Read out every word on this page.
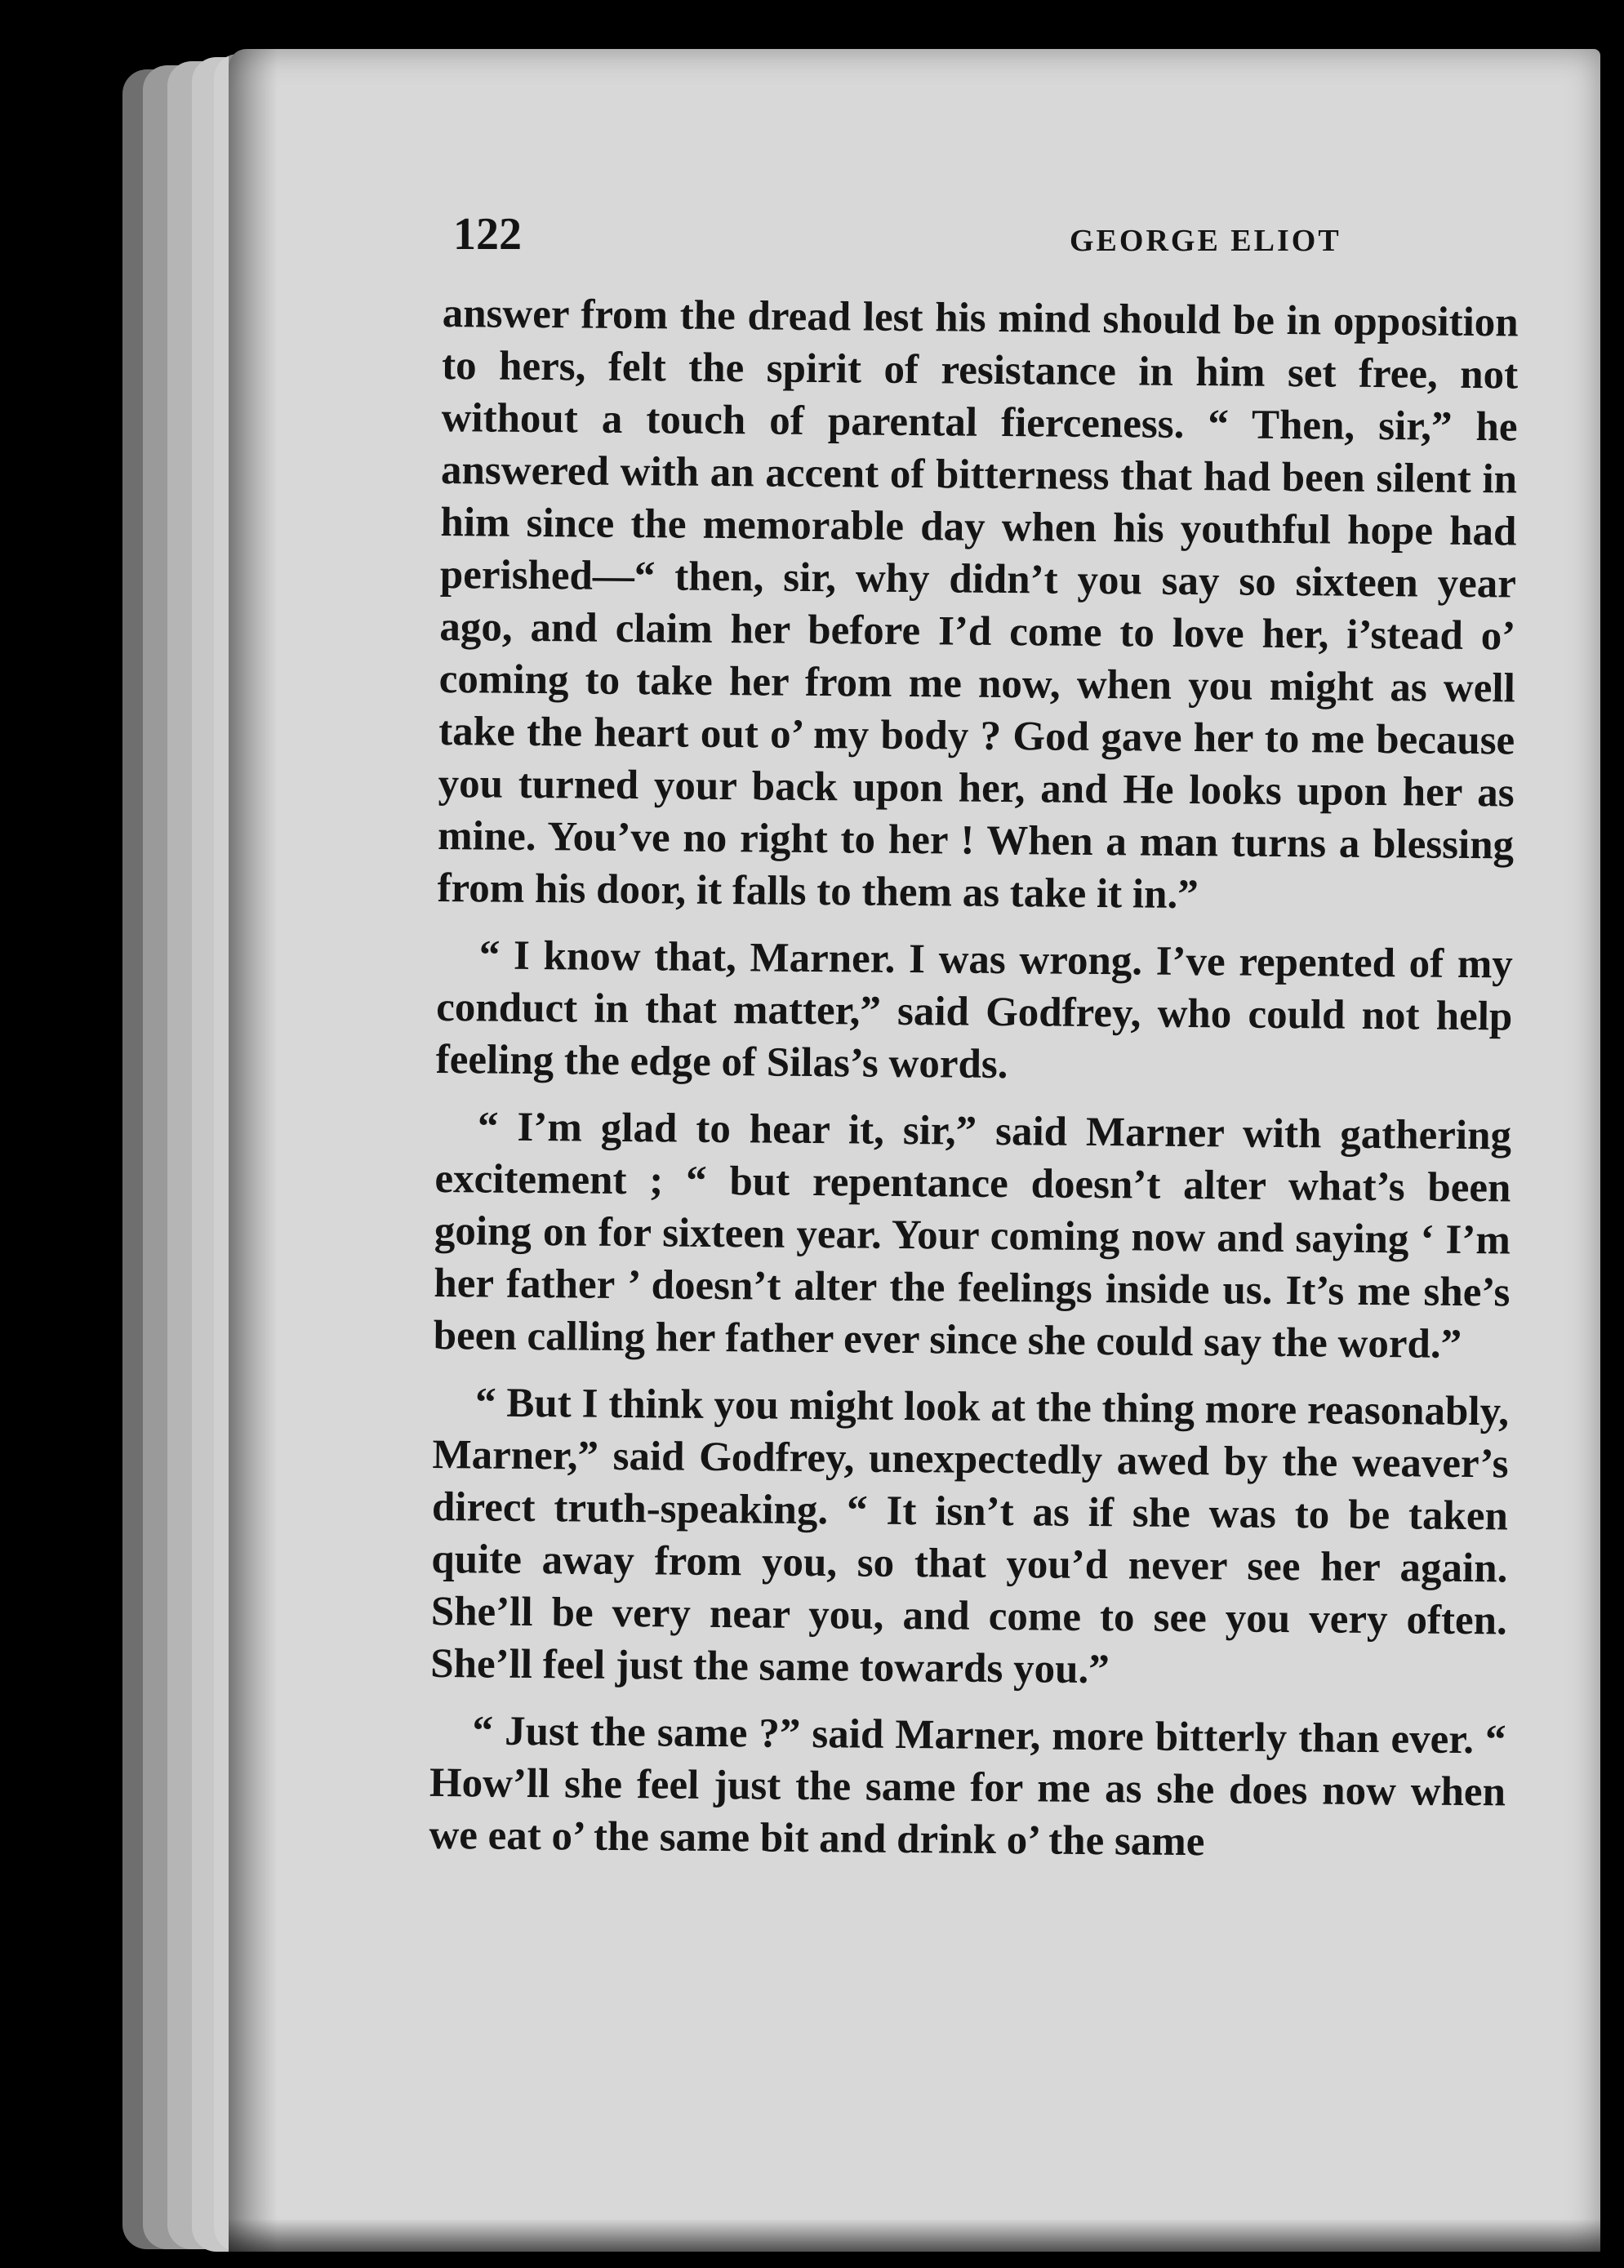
122	GEORGE ELIOT

answer from the dread lest his mind should be in opposition to hers, felt the spirit of resistance in him set free, not without a touch of parental fierceness. “ Then, sir,” he answered with an accent of bitterness that had been silent in him since the memorable day when his youthful hope had perished—“ then, sir, why didn’t you say so sixteen year ago, and claim her before I’d come to love her, i’stead o’ coming to take her from me now, when you might as well take the heart out o’ my body ? God gave her to me because you turned your back upon her, and He looks upon her as mine. You’ve no right to her ! When a man turns a blessing from his door, it falls to them as take it in.”

“ I know that, Marner. I was wrong. I’ve repented of my conduct in that matter,” said Godfrey, who could not help feeling the edge of Silas’s words.

“ I’m glad to hear it, sir,” said Marner with gathering excitement ; “ but repentance doesn’t alter what’s been going on for sixteen year. Your coming now and saying ‘ I’m her father ’ doesn’t alter the feelings inside us. It’s me she’s been calling her father ever since she could say the word.”

“ But I think you might look at the thing more reasonably, Marner,” said Godfrey, unexpectedly awed by the weaver’s direct truth-speaking. “ It isn’t as if she was to be taken quite away from you, so that you’d never see her again. She’ll be very near you, and come to see you very often. She’ll feel just the same towards you.”

“ Just the same ?” said Marner, more bitterly than ever. “ How’ll she feel just the same for me as she does now when we eat o’ the same bit and drink o’ the same
